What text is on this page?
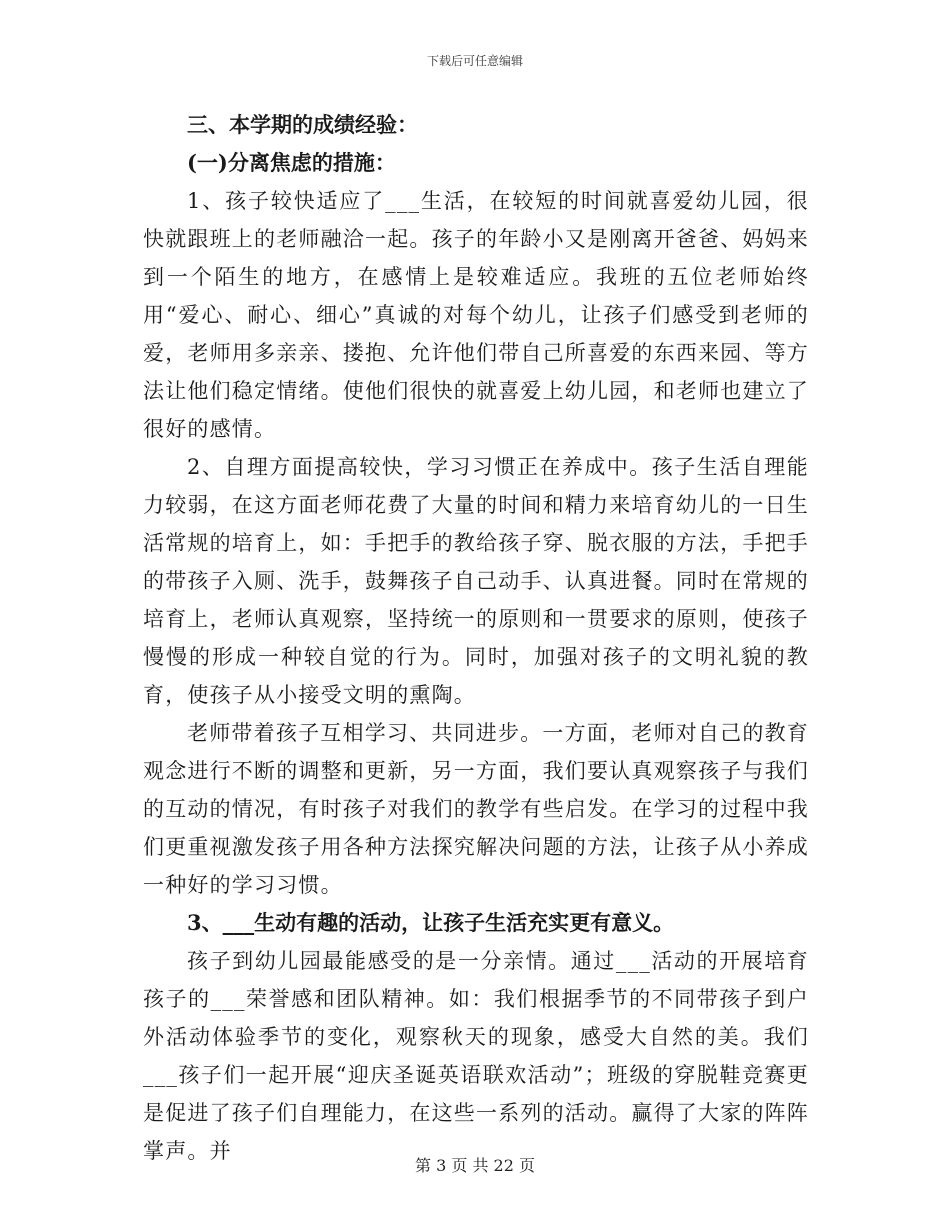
下载后可任意编辑

三、本学期的成绩经验：

(一)分离焦虑的措施：

1、孩子较快适应了___生活，在较短的时间就喜爱幼儿园，很快就跟班上的老师融洽一起。孩子的年龄小又是刚离开爸爸、妈妈来到一个陌生的地方，在感情上是较难适应。我班的五位老师始终用“爱心、耐心、细心”真诚的对每个幼儿，让孩子们感受到老师的爱，老师用多亲亲、搂抱、允许他们带自己所喜爱的东西来园、等方法让他们稳定情绪。使他们很快的就喜爱上幼儿园，和老师也建立了很好的感情。

2、自理方面提高较快，学习习惯正在养成中。孩子生活自理能力较弱，在这方面老师花费了大量的时间和精力来培育幼儿的一日生活常规的培育上，如：手把手的教给孩子穿、脱衣服的方法，手把手的带孩子入厕、洗手，鼓舞孩子自己动手、认真进餐。同时在常规的培育上，老师认真观察，坚持统一的原则和一贯要求的原则，使孩子慢慢的形成一种较自觉的行为。同时，加强对孩子的文明礼貌的教育，使孩子从小接受文明的熏陶。

老师带着孩子互相学习、共同进步。一方面，老师对自己的教育观念进行不断的调整和更新，另一方面，我们要认真观察孩子与我们的互动的情况，有时孩子对我们的教学有些启发。在学习的过程中我们更重视激发孩子用各种方法探究解决问题的方法，让孩子从小养成一种好的学习习惯。

3、___生动有趣的活动，让孩子生活充实更有意义。

孩子到幼儿园最能感受的是一分亲情。通过___活动的开展培育孩子的___荣誉感和团队精神。如：我们根据季节的不同带孩子到户外活动体验季节的变化，观察秋天的现象，感受大自然的美。我们___孩子们一起开展“迎庆圣诞英语联欢活动”；班级的穿脱鞋竞赛更是促进了孩子们自理能力，在这些一系列的活动。赢得了大家的阵阵掌声。并

第 3 页 共 22 页
